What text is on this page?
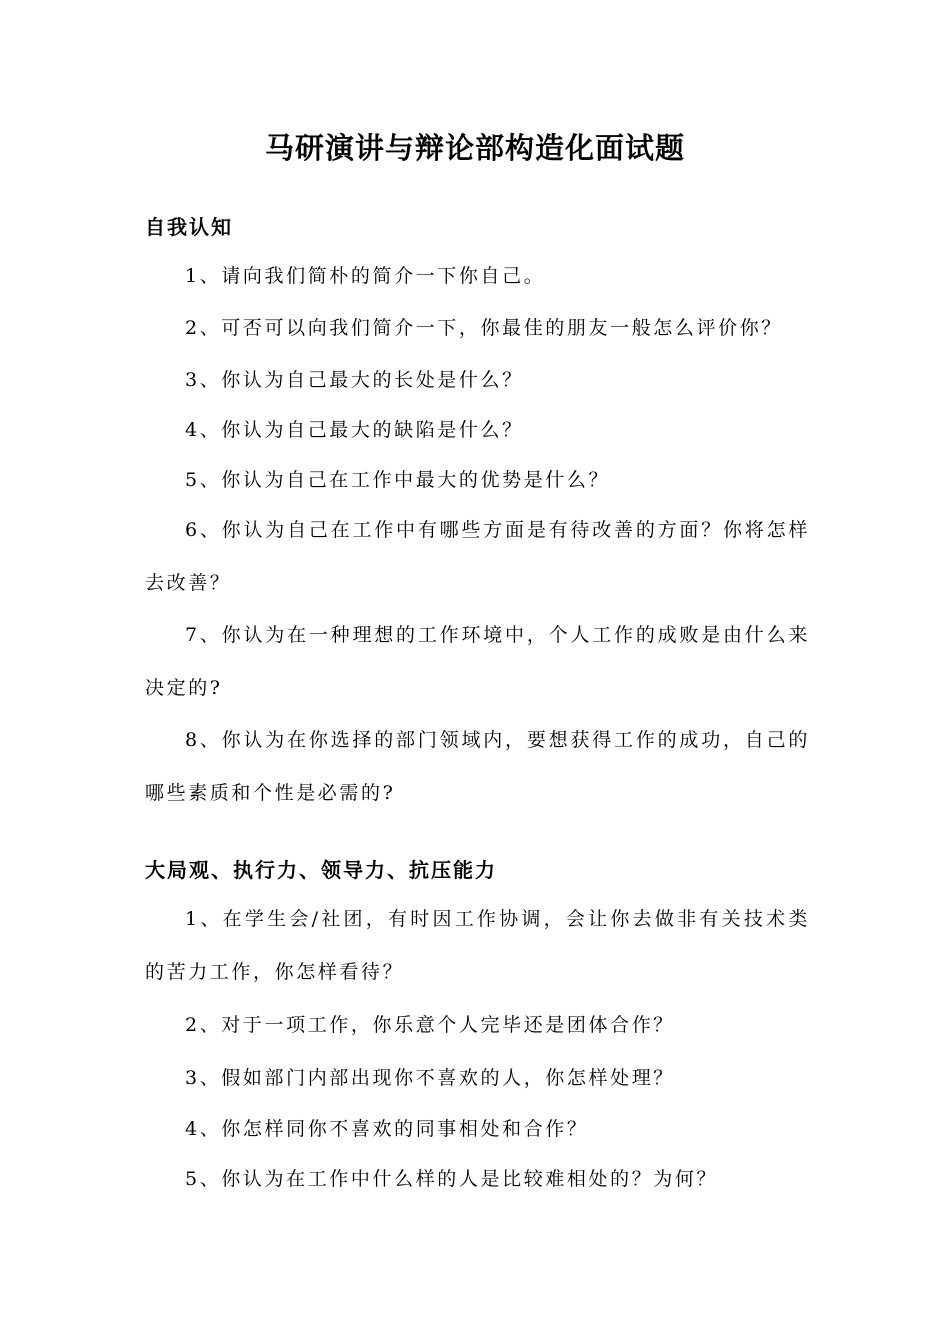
马研演讲与辩论部构造化面试题
自我认知

1、请向我们简朴的简介一下你自己。

2、可否可以向我们简介一下，你最佳的朋友一般怎么评价你？

3、你认为自己最大的长处是什么？

4、你认为自己最大的缺陷是什么？

5、你认为自己在工作中最大的优势是什么？

6、你认为自己在工作中有哪些方面是有待改善的方面？你将怎样去改善？

7、你认为在一种理想的工作环境中，个人工作的成败是由什么来决定的?

8、你认为在你选择的部门领域内，要想获得工作的成功，自己的哪些素质和个性是必需的?

大局观、执行力、领导力、抗压能力

1、在学生会/社团，有时因工作协调，会让你去做非有关技术类的苦力工作，你怎样看待？

2、对于一项工作，你乐意个人完毕还是团体合作？

3、假如部门内部出现你不喜欢的人，你怎样处理？

4、你怎样同你不喜欢的同事相处和合作？

5、你认为在工作中什么样的人是比较难相处的？为何？
